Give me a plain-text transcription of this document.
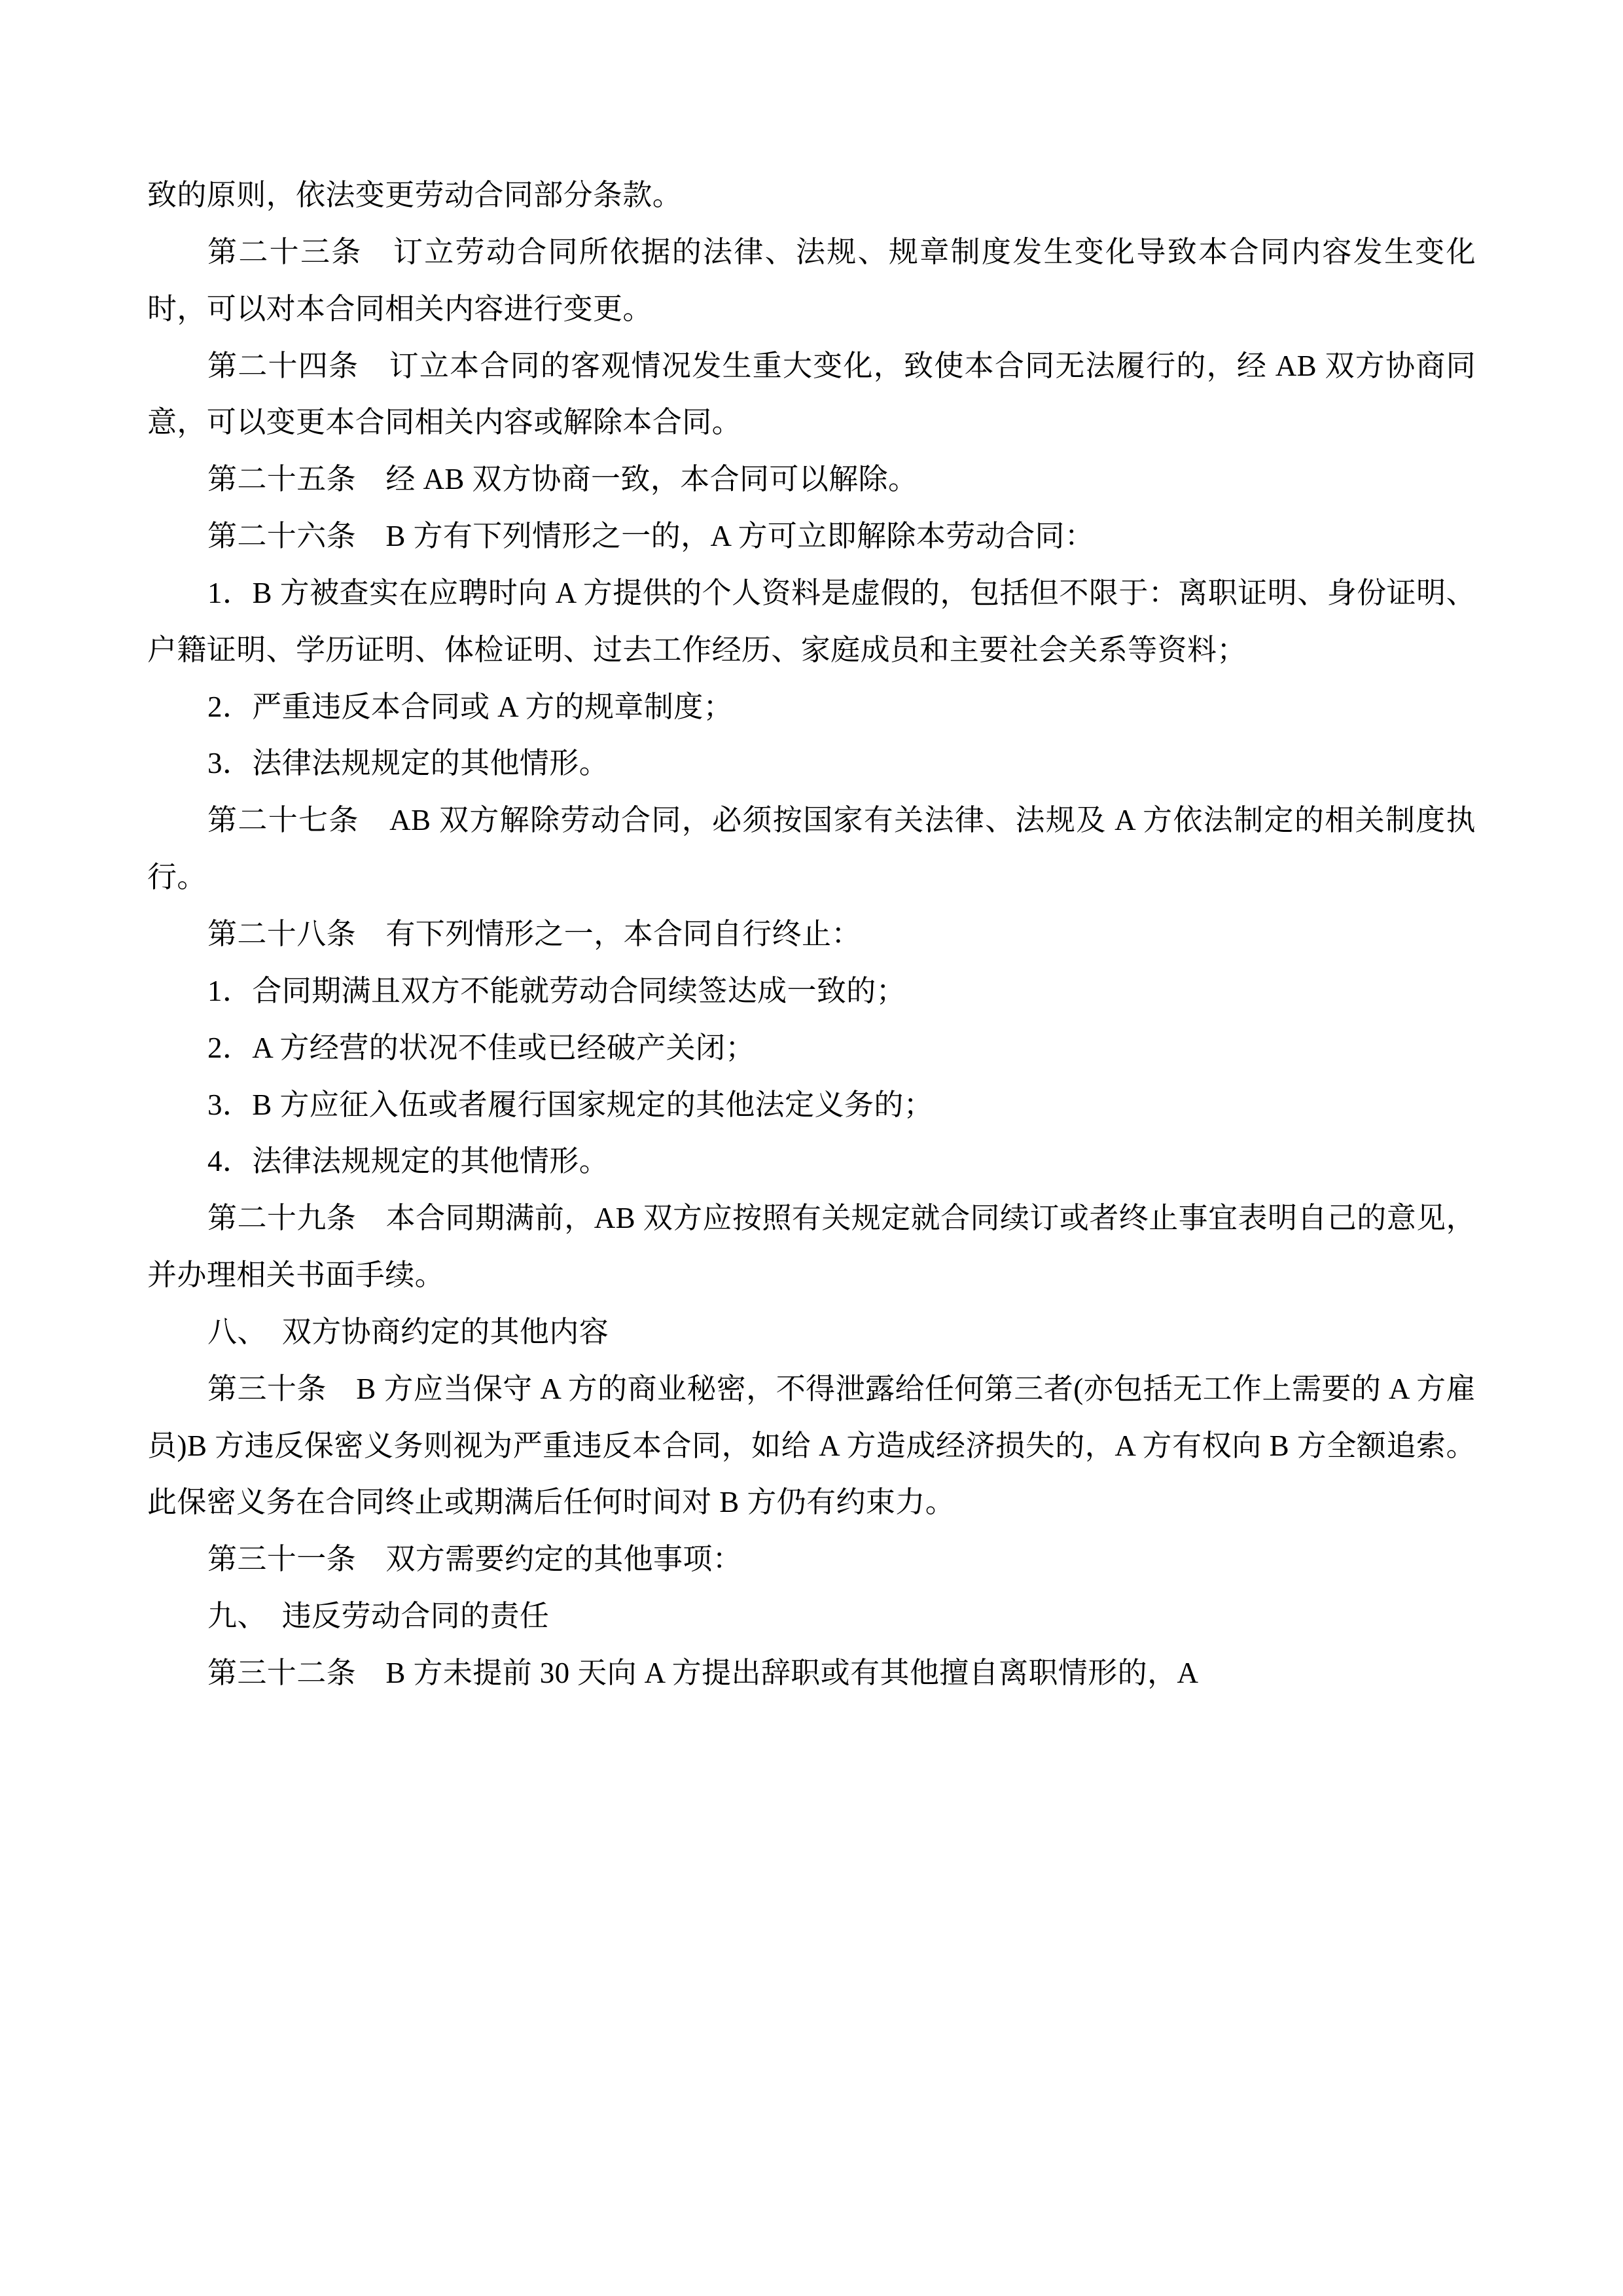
致的原则，依法变更劳动合同部分条款。

第二十三条　订立劳动合同所依据的法律、法规、规章制度发生变化导致本合同内容发生变化时，可以对本合同相关内容进行变更。

第二十四条　订立本合同的客观情况发生重大变化，致使本合同无法履行的，经 AB 双方协商同意，可以变更本合同相关内容或解除本合同。

第二十五条　经 AB 双方协商一致，本合同可以解除。

第二十六条　B 方有下列情形之一的，A 方可立即解除本劳动合同：

1．B 方被查实在应聘时向 A 方提供的个人资料是虚假的，包括但不限于：离职证明、身份证明、户籍证明、学历证明、体检证明、过去工作经历、家庭成员和主要社会关系等资料；

2．严重违反本合同或 A 方的规章制度；

3．法律法规规定的其他情形。

第二十七条　AB 双方解除劳动合同，必须按国家有关法律、法规及 A 方依法制定的相关制度执行。

第二十八条　有下列情形之一，本合同自行终止：

1．合同期满且双方不能就劳动合同续签达成一致的；

2．A 方经营的状况不佳或已经破产关闭；

3．B 方应征入伍或者履行国家规定的其他法定义务的；

4．法律法规规定的其他情形。

第二十九条　本合同期满前，AB 双方应按照有关规定就合同续订或者终止事宜表明自己的意见，并办理相关书面手续。

八、　双方协商约定的其他内容

第三十条　B 方应当保守 A 方的商业秘密，不得泄露给任何第三者(亦包括无工作上需要的 A 方雇员)B 方违反保密义务则视为严重违反本合同，如给 A 方造成经济损失的，A 方有权向 B 方全额追索。此保密义务在合同终止或期满后任何时间对 B 方仍有约束力。

第三十一条　双方需要约定的其他事项：

九、　违反劳动合同的责任

第三十二条　B 方未提前 30 天向 A 方提出辞职或有其他擅自离职情形的，A
